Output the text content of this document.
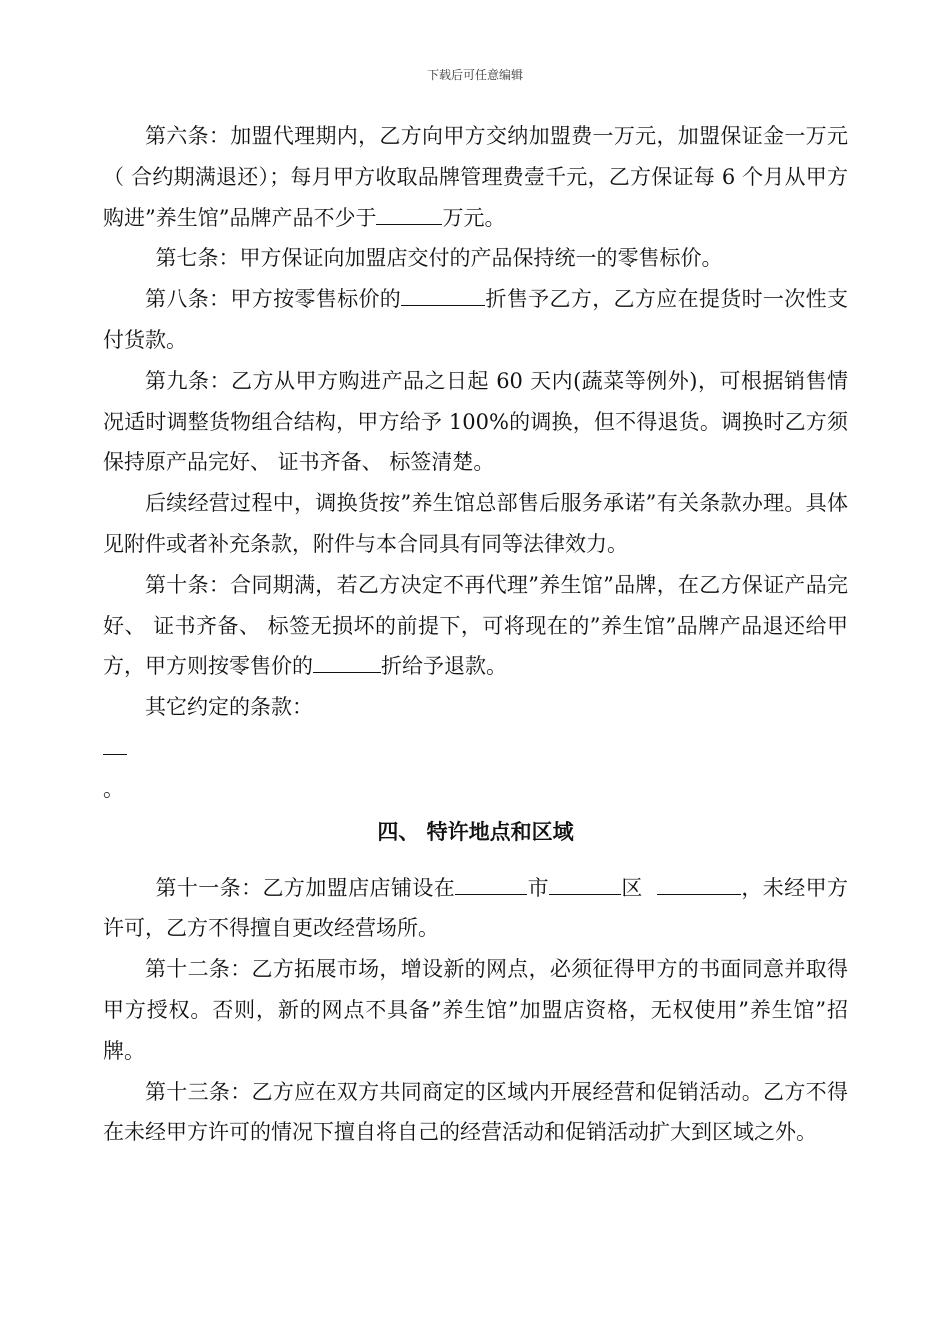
下载后可任意编辑

第六条：加盟代理期内，乙方向甲方交纳加盟费一万元，加盟保证金一万元（ 合约期满退还）；每月甲方收取品牌管理费壹千元，乙方保证每 6 个月从甲方购进”养生馆”品牌产品不少于	万元。

第七条：甲方保证向加盟店交付的产品保持统一的零售标价。

第八条：甲方按零售标价的	折售予乙方，乙方应在提货时一次性支付货款。

第九条：乙方从甲方购进产品之日起 60 天内(蔬菜等例外)，可根据销售情况适时调整货物组合结构，甲方给予 100%的调换，但不得退货。调换时乙方须保持原产品完好、 证书齐备、 标签清楚。

后续经营过程中，调换货按”养生馆总部售后服务承诺”有关条款办理。具体见附件或者补充条款，附件与本合同具有同等法律效力。

第十条：合同期满，若乙方决定不再代理”养生馆”品牌，在乙方保证产品完好、 证书齐备、 标签无损坏的前提下，可将现在的”养生馆”品牌产品退还给甲方，甲方则按零售价的	折给予退款。

其它约定的条款：

。

四、 特许地点和区域

第十一条：乙方加盟店店铺设在	市	区	，未经甲方许可，乙方不得擅自更改经营场所。

第十二条：乙方拓展市场，增设新的网点，必须征得甲方的书面同意并取得甲方授权。否则，新的网点不具备”养生馆”加盟店资格，无权使用”养生馆”招牌。

第十三条：乙方应在双方共同商定的区域内开展经营和促销活动。乙方不得在未经甲方许可的情况下擅自将自己的经营活动和促销活动扩大到区域之外。
